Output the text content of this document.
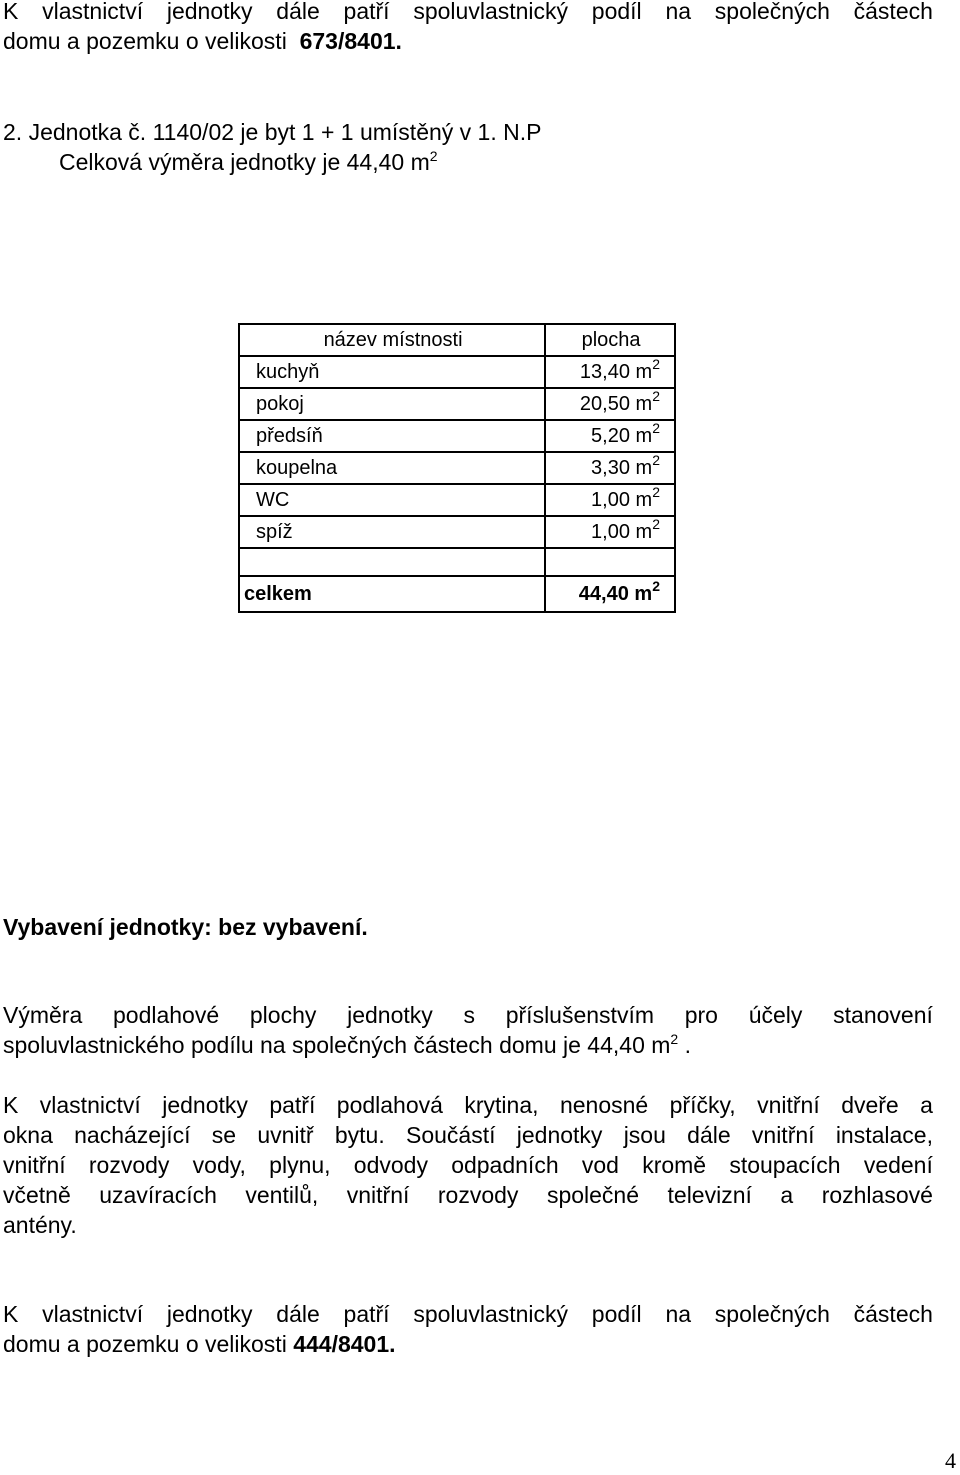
K vlastnictví jednotky dále patří spoluvlastnický podíl na společných částech
domu a pozemku o velikosti 673/8401.
2. Jednotka č. 1140/02 je byt 1 + 1 umístěný v 1. N.P
Celková výměra jednotky je 44,40 $m^2$
název místnosti	plocha
kuchyň	13,40 $m^2$
pokoj	20,50 $m^2$
předsíň	5,20 $m^2$
koupelna	3,30 $m^2$
WC	1,00 $m^2$
spíž	1,00 $m^2$

celkem	44,40 $m^2$
Vybavení jednotky: bez vybavení.
Výměra podlahové plochy jednotky s příslušenstvím pro účely stanovení
spoluvlastnického podílu na společných částech domu je 44,40 $m^2$ .
K vlastnictví jednotky patří podlahová krytina, nenosné příčky, vnitřní dveře a
okna nacházející se uvnitř bytu. Součástí jednotky jsou dále vnitřní instalace,
vnitřní rozvody vody, plynu, odvody odpadních vod kromě stoupacích vedení
včetně uzavíracích ventilů, vnitřní rozvody společné televizní a rozhlasové
antény.
K vlastnictví jednotky dále patří spoluvlastnický podíl na společných částech
domu a pozemku o velikosti 444/8401.
4
